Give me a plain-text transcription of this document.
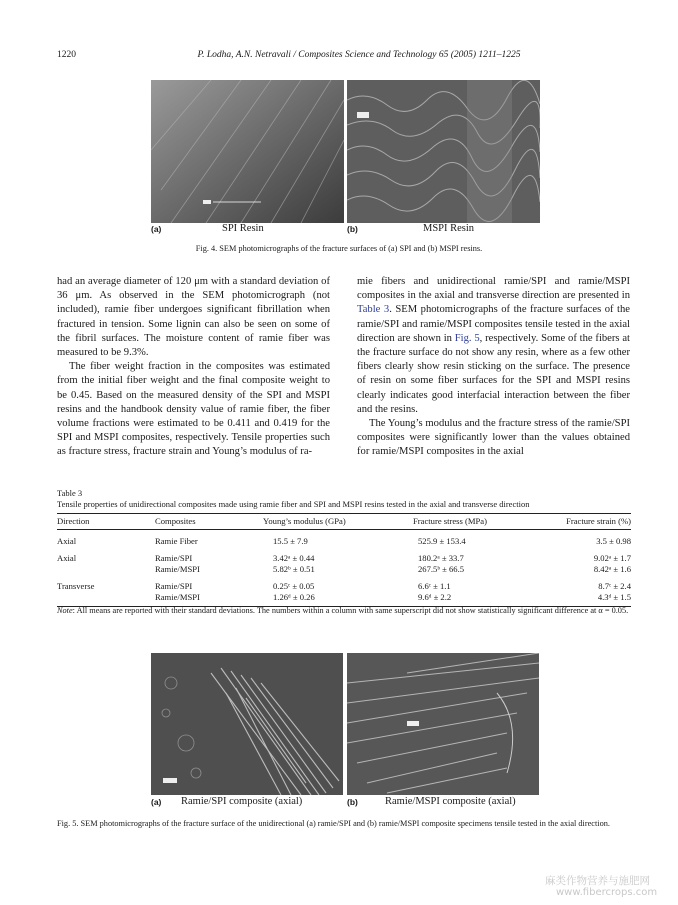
1220	P. Lodha, A.N. Netravali / Composites Science and Technology 65 (2005) 1211–1225
(a)	SPI Resin	(b)	MSPI Resin
Fig. 4. SEM photomicrographs of the fracture surfaces of (a) SPI and (b) MSPI resins.

had an average diameter of 120 μm with a standard deviation of 36 μm. As observed in the SEM photomicrograph (not included), ramie fiber undergoes significant fibrillation when fractured in tension. Some lignin can also be seen on some of the fibril surfaces. The moisture content of ramie fiber was measured to be 9.3%.

The fiber weight fraction in the composites was estimated from the initial fiber weight and the final composite weight to be 0.45. Based on the measured density of the SPI and MSPI resins and the handbook density value of ramie fiber, the fiber volume fractions were estimated to be 0.411 and 0.419 for the SPI and MSPI composites, respectively. Tensile properties such as fracture stress, fracture strain and Young’s modulus of ra-

mie fibers and unidirectional ramie/SPI and ramie/MSPI composites in the axial and transverse direction are presented in Table 3. SEM photomicrographs of the fracture surfaces of the ramie/SPI and ramie/MSPI composites tensile tested in the axial direction are shown in Fig. 5, respectively. Some of the fibers at the fracture surface do not show any resin, where as a few other fibers clearly show resin sticking on the surface. The presence of resin on some fiber surfaces for the SPI and MSPI resins clearly indicates good interfacial interaction between the fiber and the resins.

The Young’s modulus and the fracture stress of the ramie/SPI composites were significantly lower than the values obtained for ramie/MSPI composites in the axial

Table 3
Tensile properties of unidirectional composites made using ramie fiber and SPI and MSPI resins tested in the axial and transverse direction
Direction	Composites	Young’s modulus (GPa)	Fracture stress (MPa)	Fracture strain (%)
Axial	Ramie Fiber	15.5 ± 7.9	525.9 ± 153.4	3.5 ± 0.98
Axial	Ramie/SPI	3.42ᵃ ± 0.44	180.2ᵃ ± 33.7	9.02ᵃ ± 1.7
	Ramie/MSPI	5.82ᵇ ± 0.51	267.5ᵇ ± 66.5	8.42ᵃ ± 1.6
Transverse	Ramie/SPI	0.25ᶜ ± 0.05	6.6ᶜ ± 1.1	8.7ᶜ ± 2.4
	Ramie/MSPI	1.26ᵈ ± 0.26	9.6ᵈ ± 2.2	4.3ᵈ ± 1.5
Note: All means are reported with their standard deviations. The numbers within a column with same superscript did not show statistically significant difference at α = 0.05.
(a) Ramie/SPI composite (axial)	(b)	Ramie/MSPI composite (axial)
Fig. 5. SEM photomicrographs of the fracture surface of the unidirectional (a) ramie/SPI and (b) ramie/MSPI composite specimens tensile tested in the axial direction.
麻类作物营养与施肥网
www.fibercrops.com
